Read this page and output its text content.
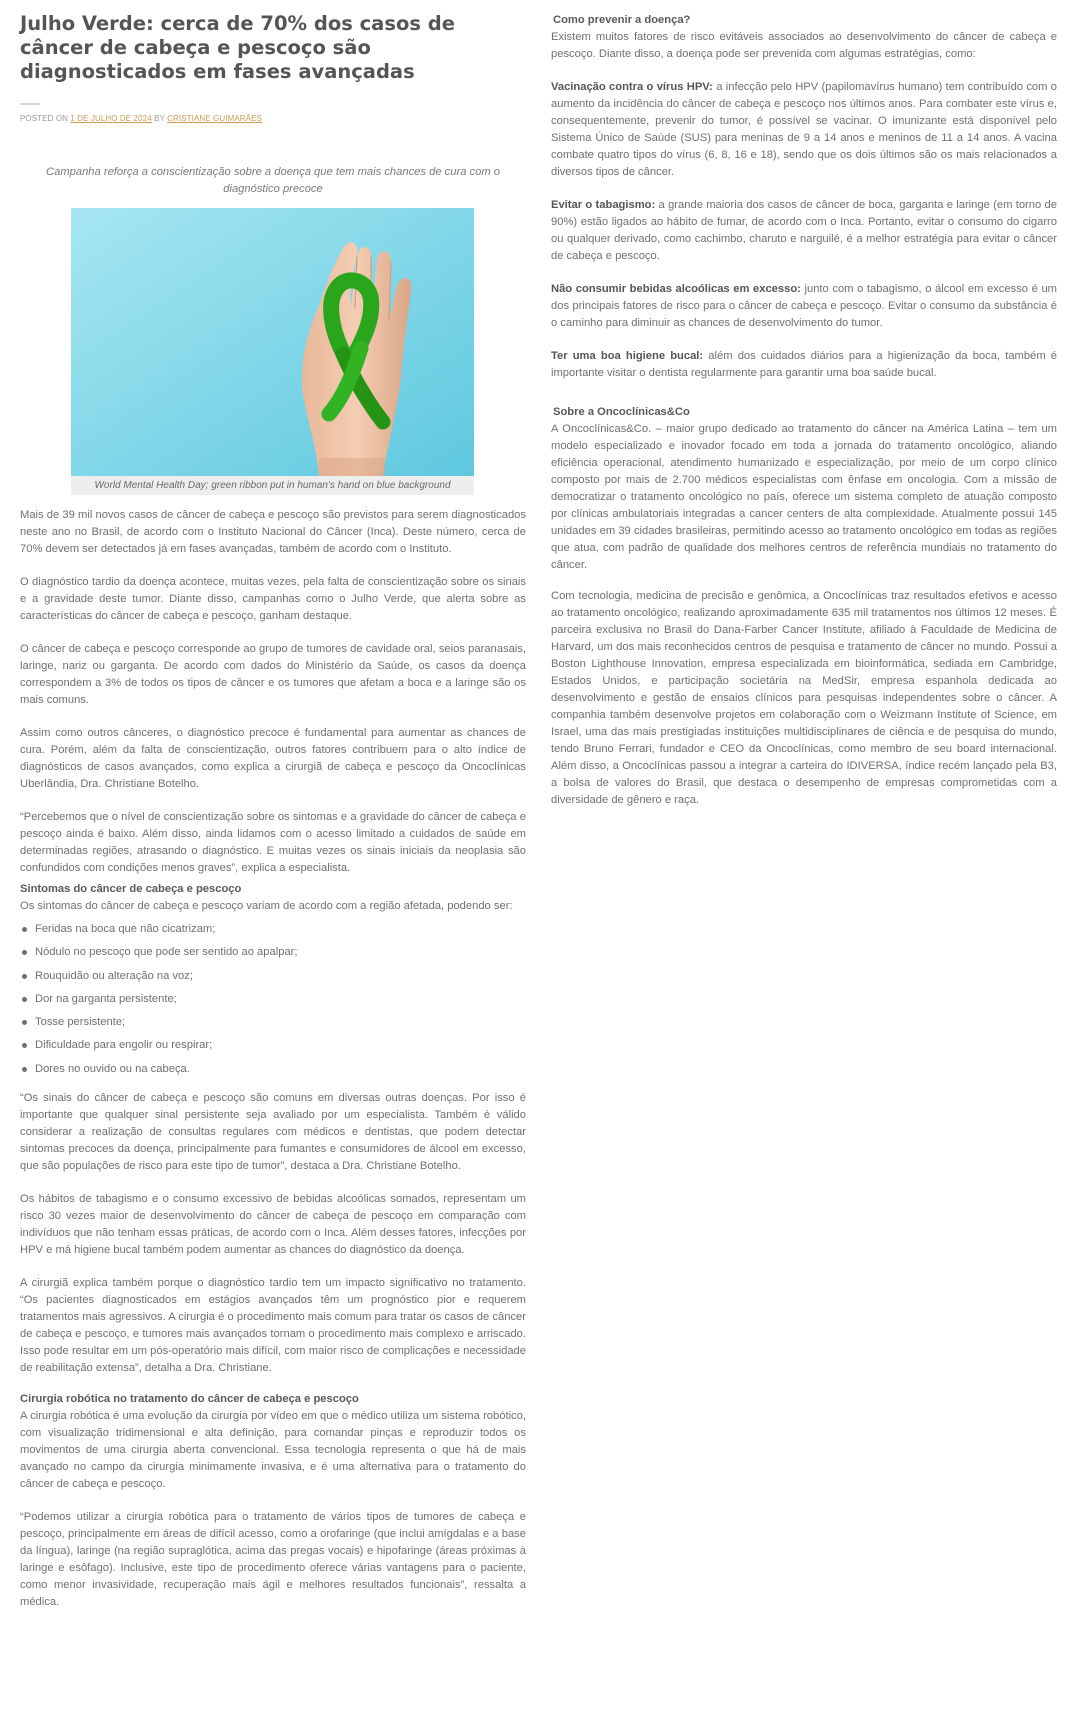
Julho Verde: cerca de 70% dos casos de câncer de cabeça e pescoço são diagnosticados em fases avançadas
POSTED ON 1 DE JULHO DE 2024 BY CRISTIANE GUIMARÃES

Campanha reforça a conscientização sobre a doença que tem mais chances de cura com o diagnóstico precoce

World Mental Health Day; green ribbon put in human's hand on blue background

Mais de 39 mil novos casos de câncer de cabeça e pescoço são previstos para serem diagnosticados neste ano no Brasil, de acordo com o Instituto Nacional do Câncer (Inca). Deste número, cerca de 70% devem ser detectados já em fases avançadas, também de acordo com o Instituto.

O diagnóstico tardio da doença acontece, muitas vezes, pela falta de conscientização sobre os sinais e a gravidade deste tumor. Diante disso, campanhas como o Julho Verde, que alerta sobre as características do câncer de cabeça e pescoço, ganham destaque.

O câncer de cabeça e pescoço corresponde ao grupo de tumores de cavidade oral, seios paranasais, laringe, nariz ou garganta. De acordo com dados do Ministério da Saúde, os casos da doença correspondem a 3% de todos os tipos de câncer e os tumores que afetam a boca e a laringe são os mais comuns.

Assim como outros cânceres, o diagnóstico precoce é fundamental para aumentar as chances de cura. Porém, além da falta de conscientização, outros fatores contribuem para o alto índice de diagnósticos de casos avançados, como explica a cirurgiã de cabeça e pescoço da Oncoclínicas Uberlândia, Dra. Christiane Botelho.

“Percebemos que o nível de conscientização sobre os sintomas e a gravidade do câncer de cabeça e pescoço ainda é baixo. Além disso, ainda lidamos com o acesso limitado a cuidados de saúde em determinadas regiões, atrasando o diagnóstico. E muitas vezes os sinais iniciais da neoplasia são confundidos com condições menos graves”, explica a especialista.

Sintomas do câncer de cabeça e pescoço

Os sintomas do câncer de cabeça e pescoço variam de acordo com a região afetada, podendo ser:

Feridas na boca que não cicatrizam;
Nódulo no pescoço que pode ser sentido ao apalpar;
Rouquidão ou alteração na voz;
Dor na garganta persistente;
Tosse persistente;
Dificuldade para engolir ou respirar;
Dores no ouvido ou na cabeça.

“Os sinais do câncer de cabeça e pescoço são comuns em diversas outras doenças. Por isso é importante que qualquer sinal persistente seja avaliado por um especialista. Também é válido considerar a realização de consultas regulares com médicos e dentistas, que podem detectar sintomas precoces da doença, principalmente para fumantes e consumidores de álcool em excesso, que são populações de risco para este tipo de tumor”, destaca a Dra. Christiane Botelho.

Os hábitos de tabagismo e o consumo excessivo de bebidas alcoólicas somados, representam um risco 30 vezes maior de desenvolvimento do câncer de cabeça de pescoço em comparação com indivíduos que não tenham essas práticas, de acordo com o Inca. Além desses fatores, infecções por HPV e má higiene bucal também podem aumentar as chances do diagnóstico da doença.

A cirurgiã explica também porque o diagnóstico tardio tem um impacto significativo no tratamento. “Os pacientes diagnosticados em estágios avançados têm um prognóstico pior e requerem tratamentos mais agressivos. A cirurgia é o procedimento mais comum para tratar os casos de câncer de cabeça e pescoço, e tumores mais avançados tornam o procedimento mais complexo e arriscado. Isso pode resultar em um pós-operatório mais difícil, com maior risco de complicações e necessidade de reabilitação extensa”, detalha a Dra. Christiane.

Cirurgia robótica no tratamento do câncer de cabeça e pescoço

A cirurgia robótica é uma evolução da cirurgia por vídeo em que o médico utiliza um sistema robótico, com visualização tridimensional e alta definição, para comandar pinças e reproduzir todos os movimentos de uma cirurgia aberta convencional. Essa tecnologia representa o que há de mais avançado no campo da cirurgia minimamente invasiva, e é uma alternativa para o tratamento do câncer de cabeça e pescoço.

“Podemos utilizar a cirurgia robótica para o tratamento de vários tipos de tumores de cabeça e pescoço, principalmente em áreas de difícil acesso, como a orofaringe (que inclui amígdalas e a base da língua), laringe (na região supraglótica, acima das pregas vocais) e hipofaringe (áreas próximas à laringe e esôfago). Inclusive, este tipo de procedimento oferece várias vantagens para o paciente, como menor invasividade, recuperação mais ágil e melhores resultados funcionais”, ressalta a médica.

Como prevenir a doença?

Existem muitos fatores de risco evitáveis associados ao desenvolvimento do câncer de cabeça e pescoço. Diante disso, a doença pode ser prevenida com algumas estratégias, como:

Vacinação contra o vírus HPV: a infecção pelo HPV (papilomavírus humano) tem contribuído com o aumento da incidência do câncer de cabeça e pescoço nos últimos anos. Para combater este vírus e, consequentemente, prevenir do tumor, é possível se vacinar. O imunizante está disponível pelo Sistema Único de Saúde (SUS) para meninas de 9 a 14 anos e meninos de 11 a 14 anos. A vacina combate quatro tipos do vírus (6, 8, 16 e 18), sendo que os dois últimos são os mais relacionados a diversos tipos de câncer.

Evitar o tabagismo: a grande maioria dos casos de câncer de boca, garganta e laringe (em torno de 90%) estão ligados ao hábito de fumar, de acordo com o Inca. Portanto, evitar o consumo do cigarro ou qualquer derivado, como cachimbo, charuto e narguilé, é a melhor estratégia para evitar o câncer de cabeça e pescoço.

Não consumir bebidas alcoólicas em excesso: junto com o tabagismo, o álcool em excesso é um dos principais fatores de risco para o câncer de cabeça e pescoço. Evitar o consumo da substância é o caminho para diminuir as chances de desenvolvimento do tumor.

Ter uma boa higiene bucal: além dos cuidados diários para a higienização da boca, também é importante visitar o dentista regularmente para garantir uma boa saúde bucal.

Sobre a Oncoclínicas&Co

A Oncoclínicas&Co. – maior grupo dedicado ao tratamento do câncer na América Latina – tem um modelo especializado e inovador focado em toda a jornada do tratamento oncológico, aliando eficiência operacional, atendimento humanizado e especialização, por meio de um corpo clínico composto por mais de 2.700 médicos especialistas com ênfase em oncologia. Com a missão de democratizar o tratamento oncológico no país, oferece um sistema completo de atuação composto por clínicas ambulatoriais integradas a cancer centers de alta complexidade. Atualmente possui 145 unidades em 39 cidades brasileiras, permitindo acesso ao tratamento oncológico em todas as regiões que atua, com padrão de qualidade dos melhores centros de referência mundiais no tratamento do câncer.

Com tecnologia, medicina de precisão e genômica, a Oncoclínicas traz resultados efetivos e acesso ao tratamento oncológico, realizando aproximadamente 635 mil tratamentos nos últimos 12 meses. É parceira exclusiva no Brasil do Dana-Farber Cancer Institute, afiliado à Faculdade de Medicina de Harvard, um dos mais reconhecidos centros de pesquisa e tratamento de câncer no mundo. Possui a Boston Lighthouse Innovation, empresa especializada em bioinformática, sediada em Cambridge, Estados Unidos, e participação societária na MedSir, empresa espanhola dedicada ao desenvolvimento e gestão de ensaios clínicos para pesquisas independentes sobre o câncer. A companhia também desenvolve projetos em colaboração com o Weizmann Institute of Science, em Israel, uma das mais prestigiadas instituições multidisciplinares de ciência e de pesquisa do mundo, tendo Bruno Ferrari, fundador e CEO da Oncoclínicas, como membro de seu board internacional. Além disso, a Oncoclínicas passou a integrar a carteira do IDIVERSA, índice recém lançado pela B3, a bolsa de valores do Brasil, que destaca o desempenho de empresas comprometidas com a diversidade de gênero e raça.
